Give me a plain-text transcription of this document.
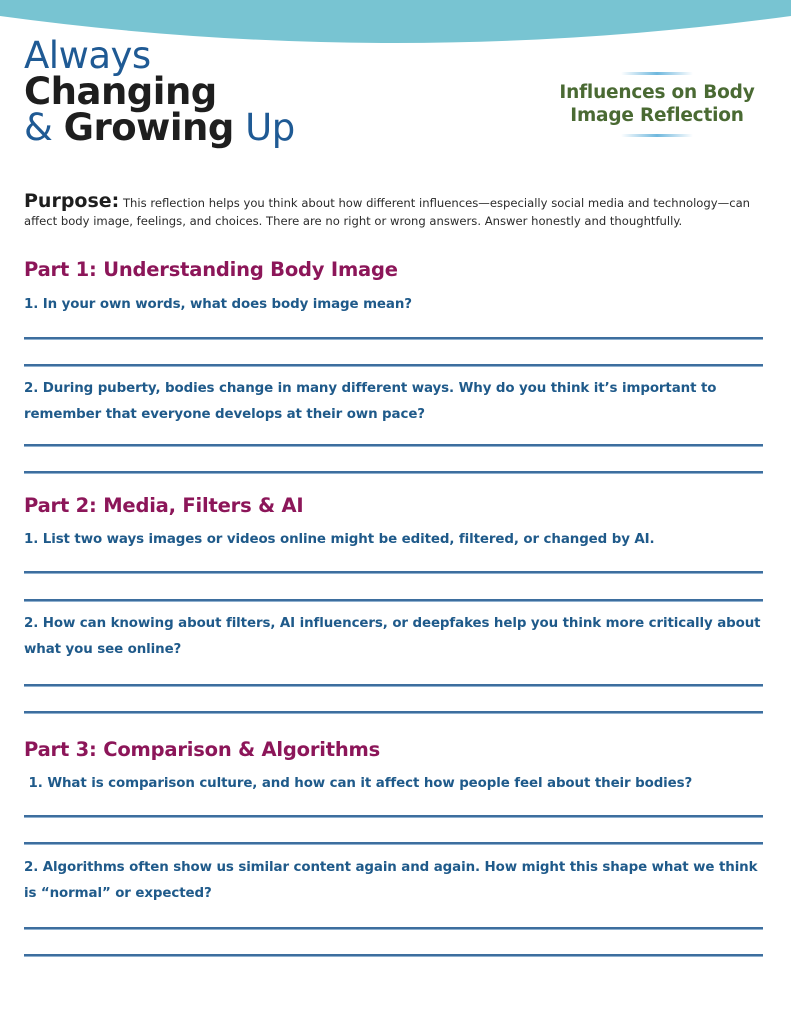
Always
Changing
& Growing Up
Influences on Body
Image Reflection
Purpose: This reflection helps you think about how different influences—especially social media and technology—can affect body image, feelings, and choices. There are no right or wrong answers. Answer honestly and thoughtfully.
Part 1: Understanding Body Image
1. In your own words, what does body image mean?
2. During puberty, bodies change in many different ways. Why do you think it’s important to remember that everyone develops at their own pace?
Part 2: Media, Filters & AI
1. List two ways images or videos online might be edited, filtered, or changed by AI.
2. How can knowing about filters, AI influencers, or deepfakes help you think more critically about what you see online?
Part 3: Comparison & Algorithms
1. What is comparison culture, and how can it affect how people feel about their bodies?
2. Algorithms often show us similar content again and again. How might this shape what we think is “normal” or expected?
